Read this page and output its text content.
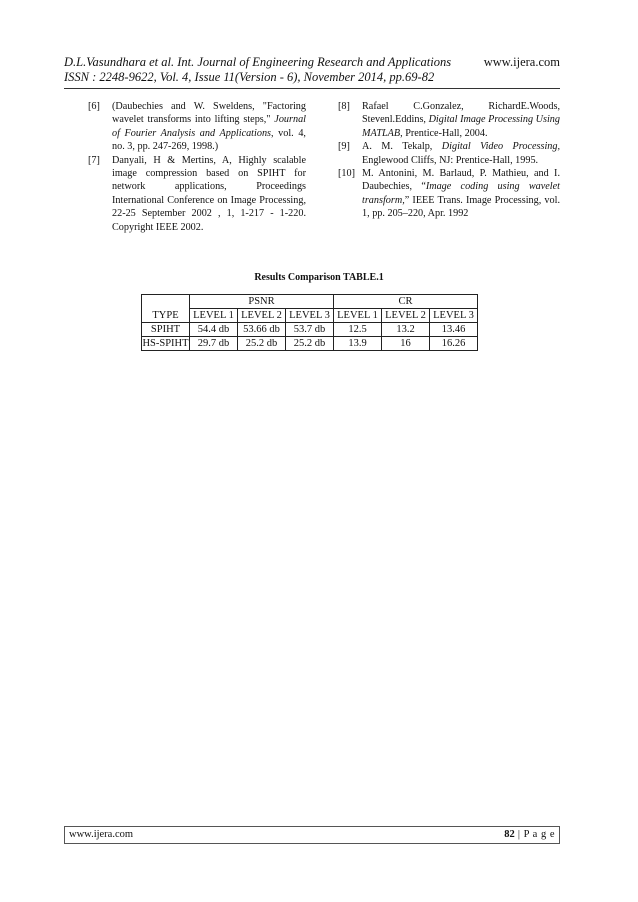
D.L.Vasundhara et al. Int. Journal of Engineering Research and Applications
ISSN : 2248-9622, Vol. 4, Issue 11(Version - 6), November 2014, pp.69-82
www.ijera.com
[6] (Daubechies and W. Sweldens, "Factoring wavelet transforms into lifting steps," Journal of Fourier Analysis and Applications, vol. 4, no. 3, pp. 247-269, 1998.)
[7] Danyali, H & Mertins, A, Highly scalable image compression based on SPIHT for network applications, Proceedings International Conference on Image Processing, 22-25 September 2002 , 1, 1-217 - 1-220. Copyright IEEE 2002.
[8] Rafael C.Gonzalez, RichardE.Woods, Stevenl.Eddins, Digital Image Processing Using MATLAB, Prentice-Hall, 2004.
[9] A. M. Tekalp, Digital Video Processing, Englewood Cliffs, NJ: Prentice-Hall, 1995.
[10] M. Antonini, M. Barlaud, P. Mathieu, and I. Daubechies, “Image coding using wavelet transform,” IEEE Trans. Image Processing, vol. 1, pp. 205–220, Apr. 1992
Results Comparison TABLE.1
TYPE	PSNR			CR		
	LEVEL 1	LEVEL 2	LEVEL 3	LEVEL 1	LEVEL 2	LEVEL 3
SPIHT	54.4 db	53.66 db	53.7 db	12.5	13.2	13.46
HS-SPIHT	29.7 db	25.2 db	25.2 db	13.9	16	16.26
www.ijera.com	82 | P a g e
